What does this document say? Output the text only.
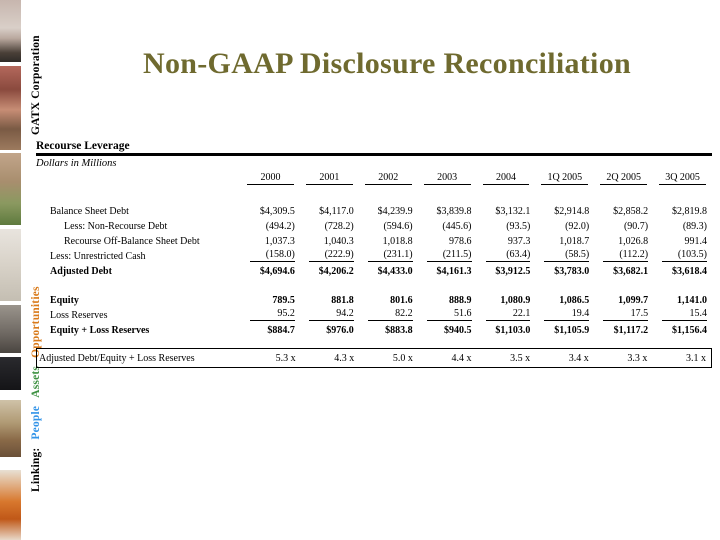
GATX Corporation
Linking:PeopleAssetsOpportunities
Non-GAAP Disclosure Reconciliation
Recourse Leverage
Dollars in Millions
2000	2001	2002	2003	2004	1Q 2005	2Q 2005	3Q 2005
Balance Sheet Debt	$4,309.5	$4,117.0	$4,239.9	$3,839.8	$3,132.1	$2,914.8	$2,858.2	$2,819.8
Less: Non-Recourse Debt	(494.2)	(728.2)	(594.6)	(445.6)	(93.5)	(92.0)	(90.7)	(89.3)
Recourse Off-Balance Sheet Debt	1,037.3	1,040.3	1,018.8	978.6	937.3	1,018.7	1,026.8	991.4
Less: Unrestricted Cash	(158.0)	(222.9)	(231.1)	(211.5)	(63.4)	(58.5)	(112.2)	(103.5)
Adjusted Debt	$4,694.6	$4,206.2	$4,433.0	$4,161.3	$3,912.5	$3,783.0	$3,682.1	$3,618.4
Equity	789.5	881.8	801.6	888.9	1,080.9	1,086.5	1,099.7	1,141.0
Loss Reserves	95.2	94.2	82.2	51.6	22.1	19.4	17.5	15.4
Equity + Loss Reserves	$884.7	$976.0	$883.8	$940.5	$1,103.0	$1,105.9	$1,117.2	$1,156.4
Adjusted Debt/Equity + Loss Reserves	5.3 x	4.3 x	5.0 x	4.4 x	3.5 x	3.4 x	3.3 x	3.1 x
